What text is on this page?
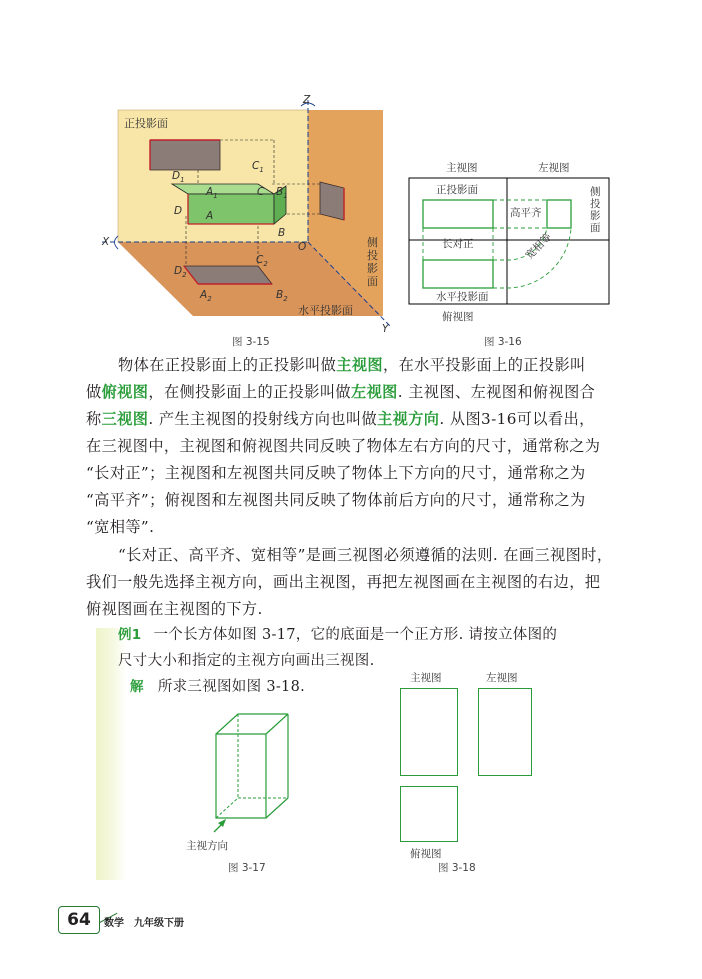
正投影面
侧
投
影
面
水平投影面
Z
X
Y
O
$C_1$
$D_1$
$A_1$	C $B_1$
D A
B
$C_2$
$D_2$
$A_2$	$B_2$
图 3-15
主视图	左视图
正投影面	侧
投
影
面
高平齐
长对正	宽相等
水平投影面
俯视图
图 3-16
物体在正投影面上的正投影叫做主视图，在水平投影面上的正投影叫
做俯视图，在侧投影面上的正投影叫做左视图. 主视图、左视图和俯视图合
称三视图. 产生主视图的投射线方向也叫做主视方向. 从图3-16可以看出，
在三视图中，主视图和俯视图共同反映了物体左右方向的尺寸，通常称之为
“长对正”；主视图和左视图共同反映了物体上下方向的尺寸，通常称之为
“高平齐”；俯视图和左视图共同反映了物体前后方向的尺寸，通常称之为
“宽相等”.
“长对正、高平齐、宽相等”是画三视图必须遵循的法则. 在画三视图时，
我们一般先选择主视方向，画出主视图，再把左视图画在主视图的右边，把
俯视图画在主视图的下方.
例1 一个长方体如图 3-17，它的底面是一个正方形. 请按立体图的
尺寸大小和指定的主视方向画出三视图.
解 所求三视图如图 3-18.
主视方向
图 3-17
主视图	左视图
俯视图
图 3-18
64	数学　九年级下册
